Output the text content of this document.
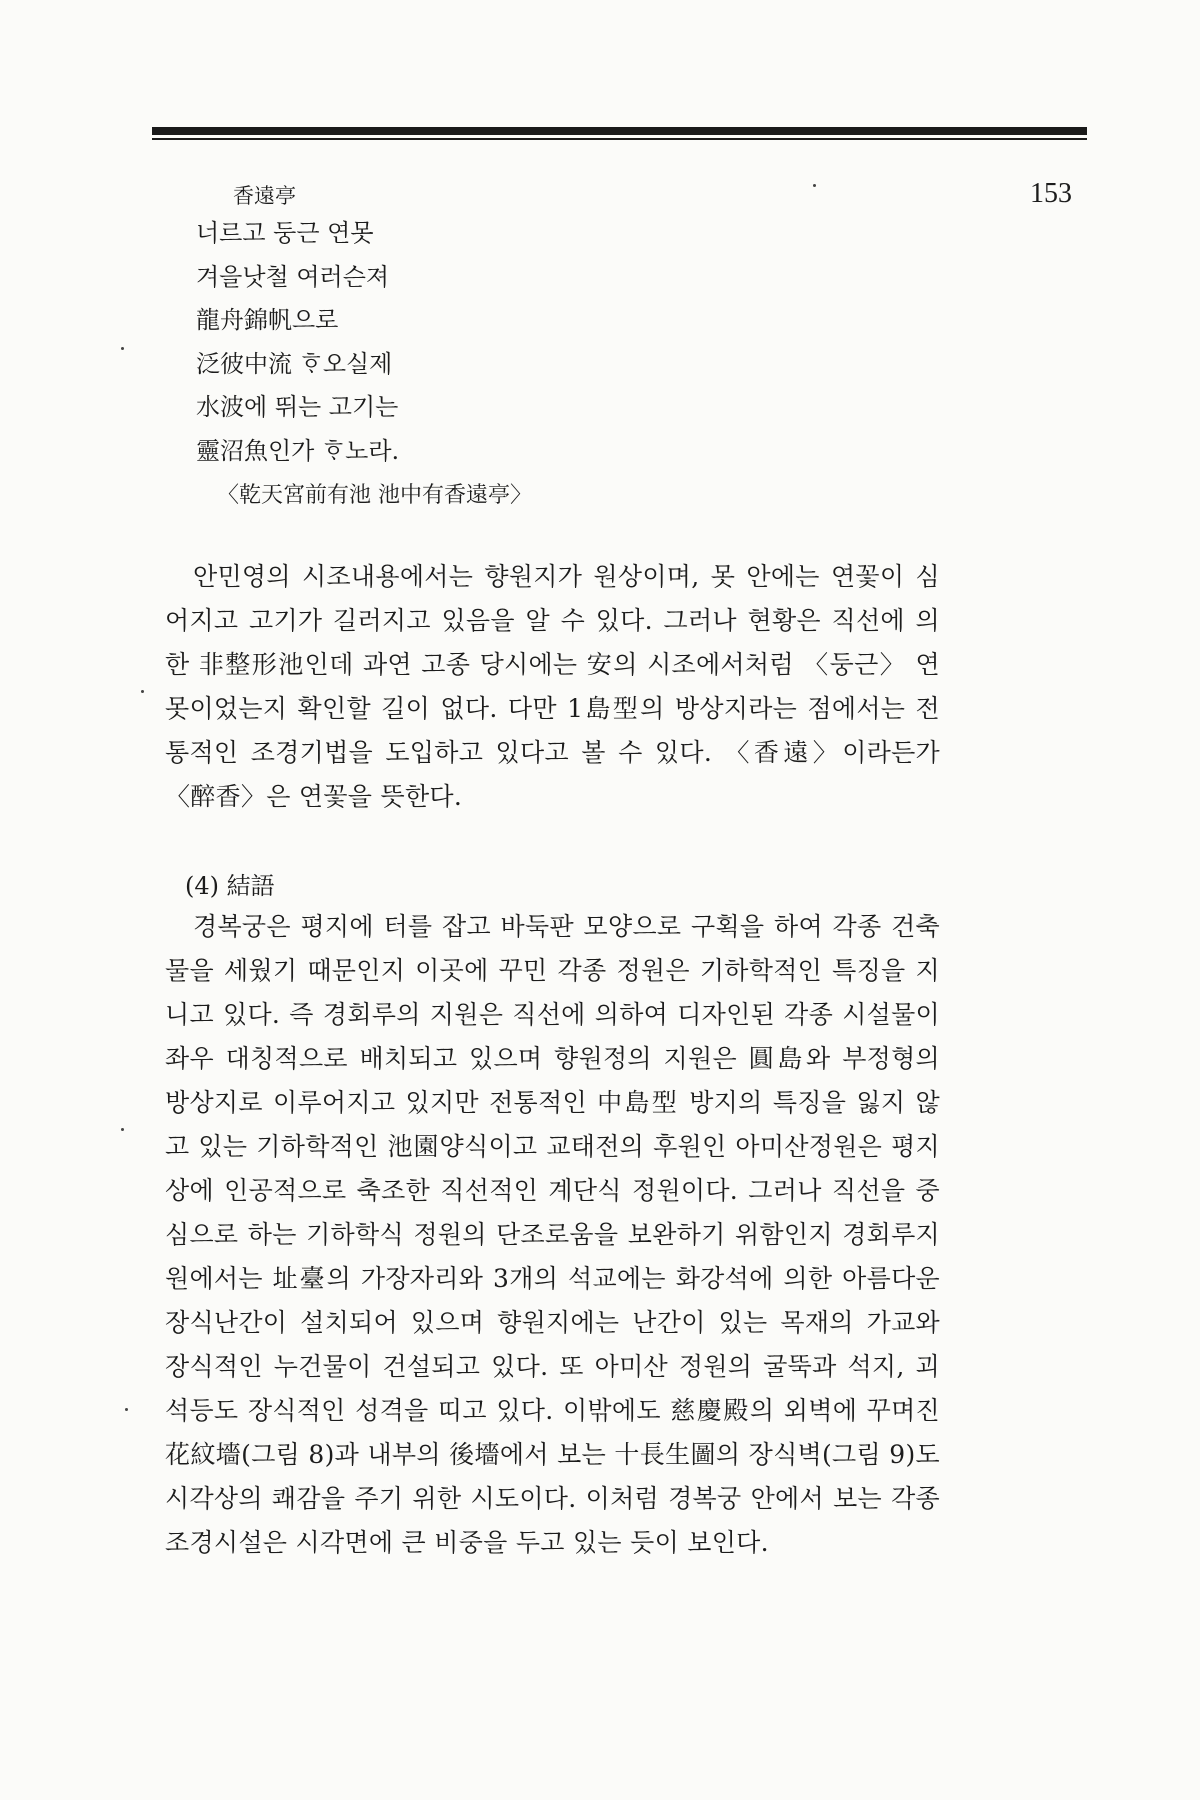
153
香遠亭
너르고 둥근 연못
겨을낫철 여러슨져
龍舟錦帆으로
泛彼中流 ᄒᆞ오실제
水波에 뛰는 고기는
靈沼魚인가 ᄒᆞ노라.
〈乾天宮前有池 池中有香遠亭〉

안민영의 시조내용에서는 향원지가 원상이며, 못 안에는 연꽃이 심어지고 고기가 길러지고 있음을 알 수 있다. 그러나 현황은 직선에 의한 非整形池인데 과연 고종 당시에는 安의 시조에서처럼 〈둥근〉 연못이었는지 확인할 길이 없다. 다만 1島型의 방상지라는 점에서는 전통적인 조경기법을 도입하고 있다고 볼 수 있다. 〈香遠〉이라든가 〈醉香〉은 연꽃을 뜻한다.

(4) 結語

경복궁은 평지에 터를 잡고 바둑판 모양으로 구획을 하여 각종 건축물을 세웠기 때문인지 이곳에 꾸민 각종 정원은 기하학적인 특징을 지니고 있다. 즉 경회루의 지원은 직선에 의하여 디자인된 각종 시설물이 좌우 대칭적으로 배치되고 있으며 향원정의 지원은 圓島와 부정형의 방상지로 이루어지고 있지만 전통적인 中島型 방지의 특징을 잃지 않고 있는 기하학적인 池園양식이고 교태전의 후원인 아미산정원은 평지상에 인공적으로 축조한 직선적인 계단식 정원이다. 그러나 직선을 중심으로 하는 기하학식 정원의 단조로움을 보완하기 위함인지 경회루지원에서는 址臺의 가장자리와 3개의 석교에는 화강석에 의한 아름다운 장식난간이 설치되어 있으며 향원지에는 난간이 있는 목재의 가교와 장식적인 누건물이 건설되고 있다. 또 아미산 정원의 굴뚝과 석지, 괴석등도 장식적인 성격을 띠고 있다. 이밖에도 慈慶殿의 외벽에 꾸며진 花紋墻(그림 8)과 내부의 後墻에서 보는 十長生圖의 장식벽(그림 9)도 시각상의 쾌감을 주기 위한 시도이다. 이처럼 경복궁 안에서 보는 각종 조경시설은 시각면에 큰 비중을 두고 있는 듯이 보인다.
